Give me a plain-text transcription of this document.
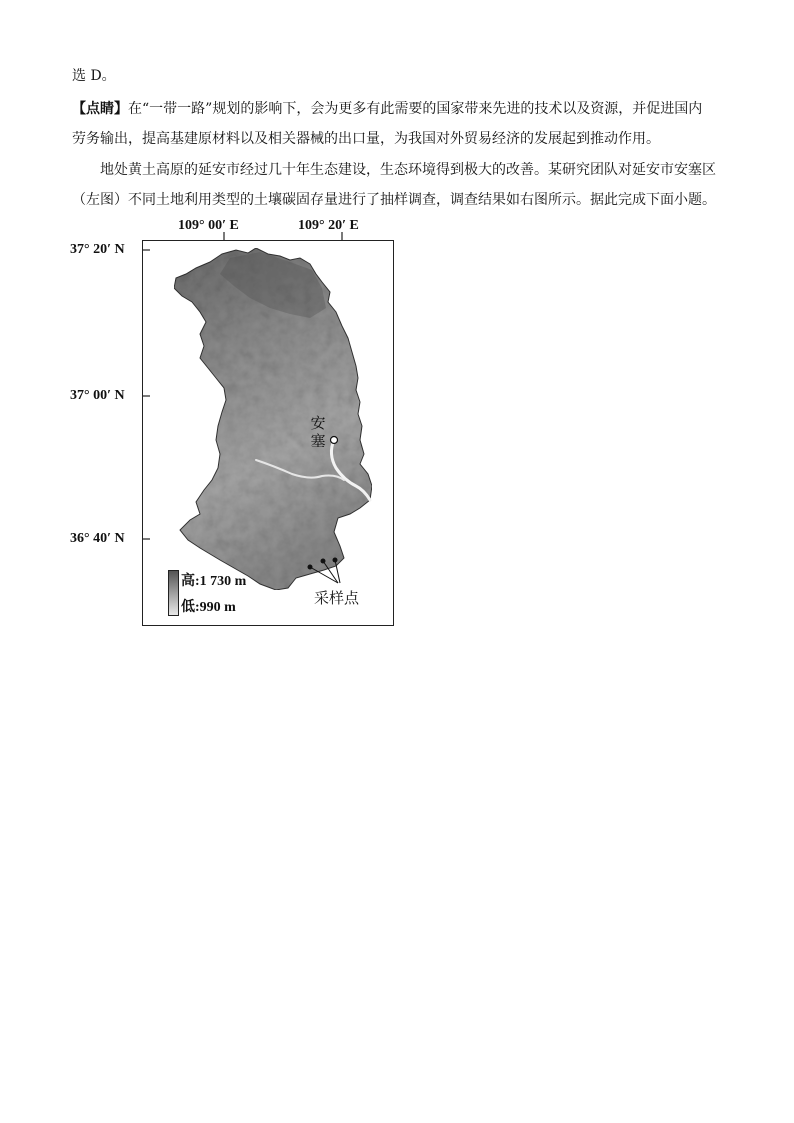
选 D。
【点睛】在“一带一路”规划的影响下，会为更多有此需要的国家带来先进的技术以及资源，并促进国内
劳务输出，提高基建原材料以及相关器械的出口量，为我国对外贸易经济的发展起到推动作用。
地处黄土高原的延安市经过几十年生态建设，生态环境得到极大的改善。某研究团队对延安市安塞区
（左图）不同土地利用类型的土壤碳固存量进行了抽样调查，调查结果如右图所示。据此完成下面小题。
109° 00′ E	109° 20′ E
37° 20′ N
37° 00′ N
36° 40′ N
安
塞
采样点
高:1 730 m
低:990 m
